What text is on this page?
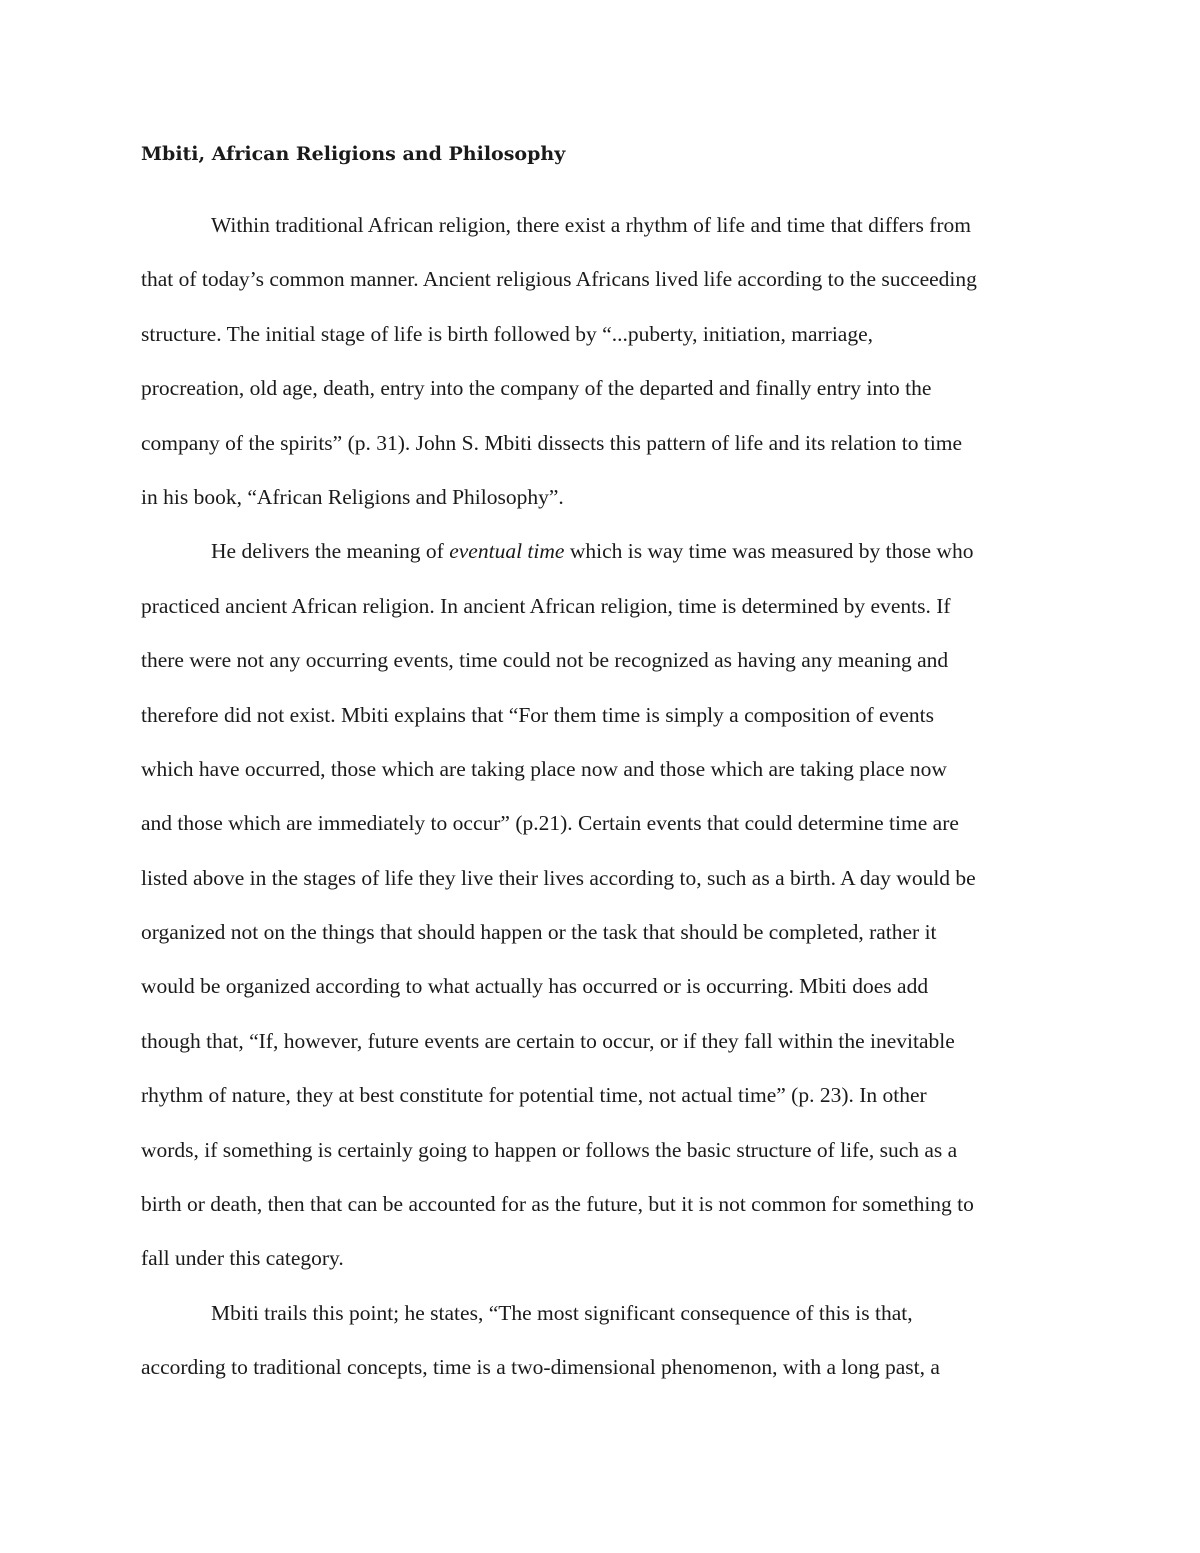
Mbiti, African Religions and Philosophy
Within traditional African religion, there exist a rhythm of life and time that differs from
that of today’s common manner. Ancient religious Africans lived life according to the succeeding
structure. The initial stage of life is birth followed by “...puberty, initiation, marriage,
procreation, old age, death, entry into the company of the departed and finally entry into the
company of the spirits” (p. 31). John S. Mbiti dissects this pattern of life and its relation to time
in his book, “African Religions and Philosophy”.
He delivers the meaning of eventual time which is way time was measured by those who
practiced ancient African religion. In ancient African religion, time is determined by events. If
there were not any occurring events, time could not be recognized as having any meaning and
therefore did not exist. Mbiti explains that “For them time is simply a composition of events
which have occurred, those which are taking place now and those which are taking place now
and those which are immediately to occur” (p.21). Certain events that could determine time are
listed above in the stages of life they live their lives according to, such as a birth. A day would be
organized not on the things that should happen or the task that should be completed, rather it
would be organized according to what actually has occurred or is occurring. Mbiti does add
though that, “If, however, future events are certain to occur, or if they fall within the inevitable
rhythm of nature, they at best constitute for potential time, not actual time” (p. 23). In other
words, if something is certainly going to happen or follows the basic structure of life, such as a
birth or death, then that can be accounted for as the future, but it is not common for something to
fall under this category.
Mbiti trails this point; he states, “The most significant consequence of this is that,
according to traditional concepts, time is a two-dimensional phenomenon, with a long past, a
